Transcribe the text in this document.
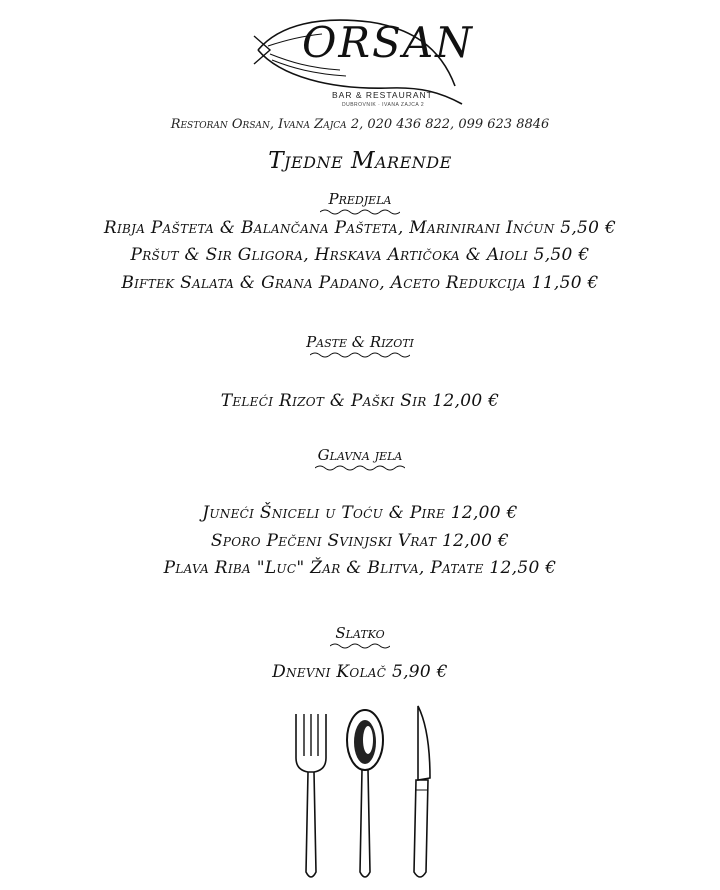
ORSAN
BAR & RESTAURANT
DUBROVNIK · IVANA ZAJCA 2
Restoran Orsan, Ivana Zajca 2, 020 436 822, 099 623 8846
Tjedne Marende
Predjela
Ribja Pašteta & Balančana Pašteta, Marinirani Inćun 5,50 €
Pršut & Sir Gligora, Hrskava Artičoka & Aioli 5,50 €
Biftek Salata & Grana Padano, Aceto Redukcija 11,50 €
Paste & Rizoti
Teleći Rizot & Paški Sir 12,00 €
Glavna jela
Juneći Šniceli u Toću & Pire 12,00 €
Sporo Pečeni Svinjski Vrat 12,00 €
Plava Riba "Luc" Žar & Blitva, Patate 12,50 €
Slatko
Dnevni Kolač 5,90 €
